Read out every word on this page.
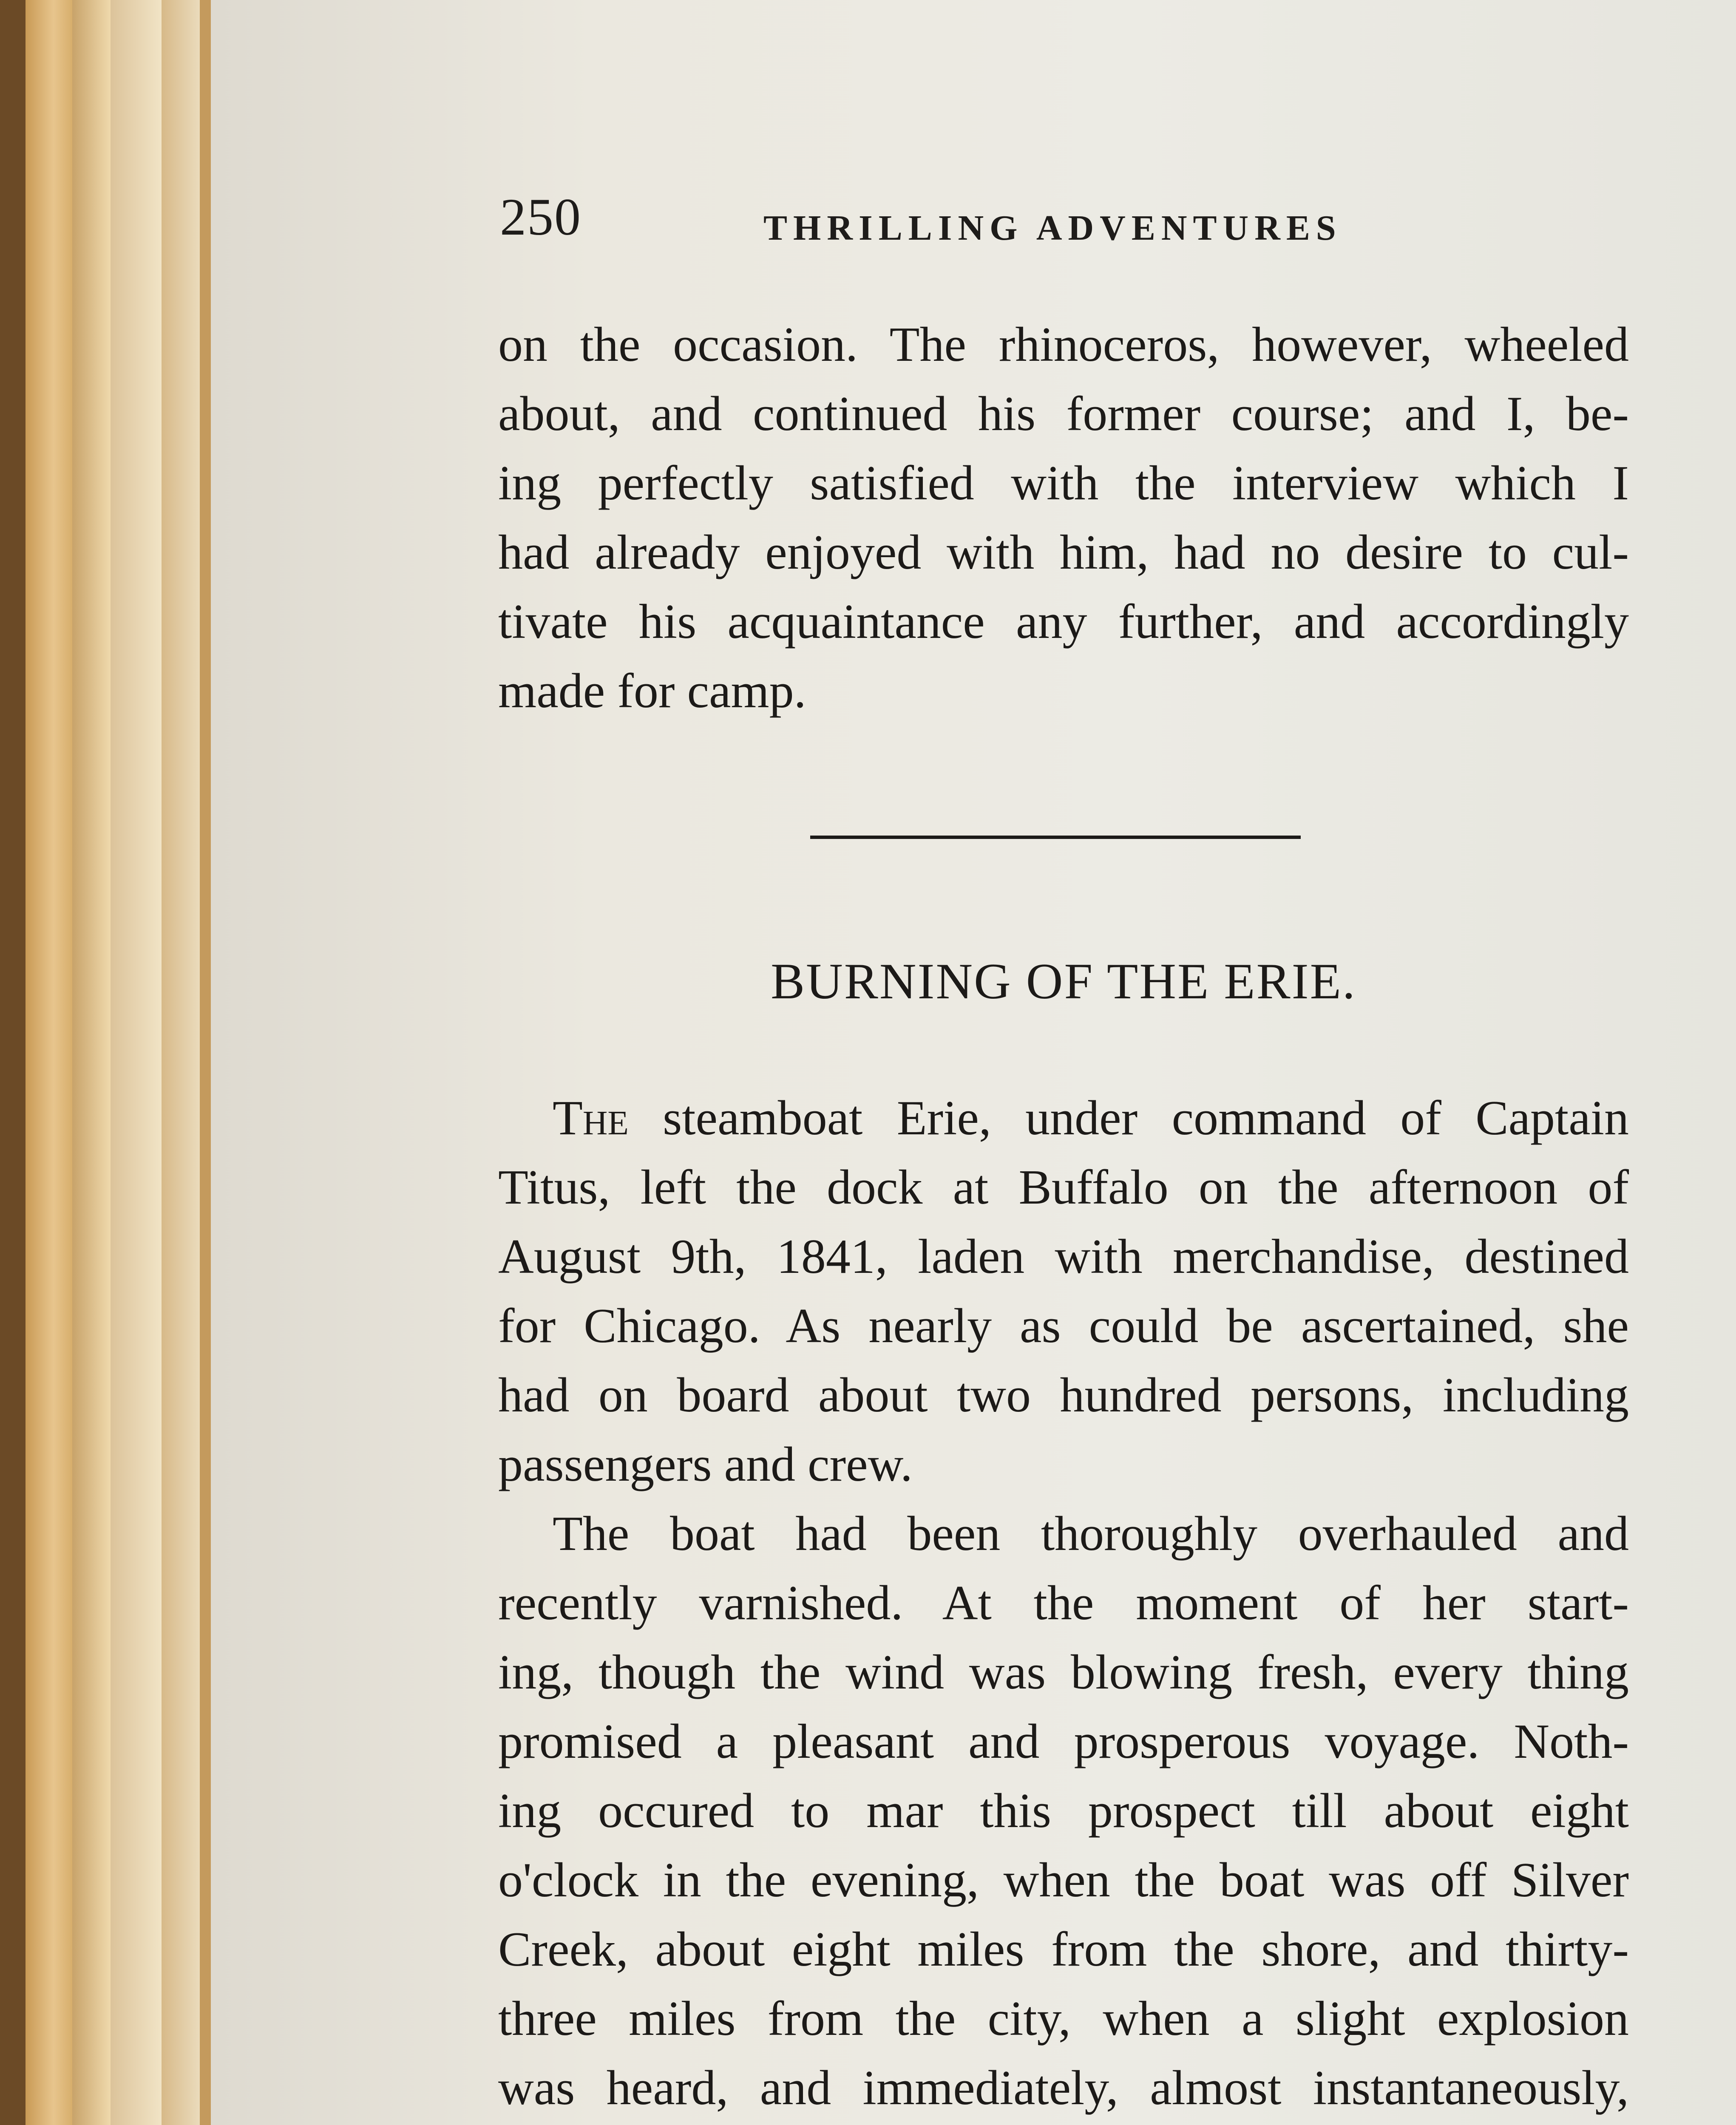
250	THRILLING ADVENTURES
on the occasion. The rhinoceros, however, wheeled
about, and continued his former course; and I, be-
ing perfectly satisfied with the interview which I
had already enjoyed with him, had no desire to cul-
tivate his acquaintance any further, and accordingly
made for camp.
BURNING OF THE ERIE.
The steamboat Erie, under command of Captain
Titus, left the dock at Buffalo on the afternoon of
August 9th, 1841, laden with merchandise, destined
for Chicago. As nearly as could be ascertained, she
had on board about two hundred persons, including
passengers and crew.
The boat had been thoroughly overhauled and
recently varnished. At the moment of her start-
ing, though the wind was blowing fresh, every thing
promised a pleasant and prosperous voyage. Noth-
ing occured to mar this prospect till about eight
o'clock in the evening, when the boat was off Silver
Creek, about eight miles from the shore, and thirty-
three miles from the city, when a slight explosion
was heard, and immediately, almost instantaneously,
